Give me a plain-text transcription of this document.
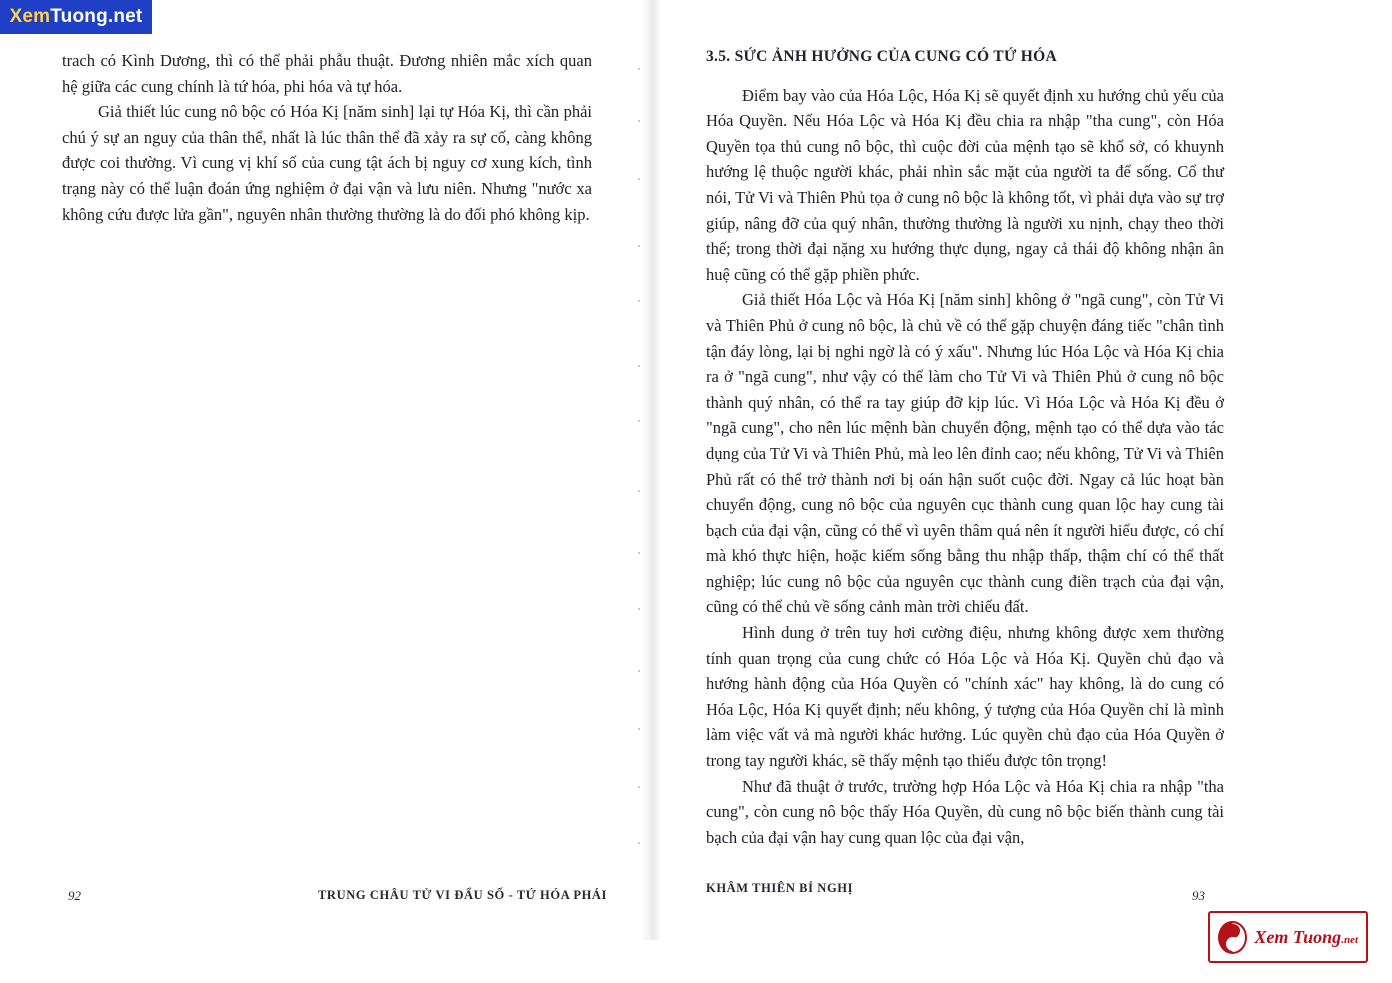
trach có Kình Dương, thì có thể phải phẫu thuật. Đương nhiên mắc xích quan hệ giữa các cung chính là tứ hóa, phi hóa và tự hóa.

Giả thiết lúc cung nô bộc có Hóa Kị [năm sinh] lại tự Hóa Kị, thì cần phải chú ý sự an nguy của thân thể, nhất là lúc thân thể đã xảy ra sự cố, càng không được coi thường. Vì cung vị khí số của cung tật ách bị nguy cơ xung kích, tình trạng này có thể luận đoán ứng nghiệm ở đại vận và lưu niên. Nhưng "nước xa không cứu được lửa gần", nguyên nhân thường thường là do đối phó không kịp.

3.5. SỨC ẢNH HƯỞNG CỦA CUNG CÓ TỨ HÓA

Điểm bay vào của Hóa Lộc, Hóa Kị sẽ quyết định xu hướng chủ yếu của Hóa Quyền. Nếu Hóa Lộc và Hóa Kị đều chia ra nhập "tha cung", còn Hóa Quyền tọa thủ cung nô bộc, thì cuộc đời của mệnh tạo sẽ khổ sở, có khuynh hướng lệ thuộc người khác, phải nhìn sắc mặt của người ta để sống. Cổ thư nói, Tử Vi và Thiên Phủ tọa ở cung nô bộc là không tốt, vì phải dựa vào sự trợ giúp, nâng đỡ của quý nhân, thường thường là người xu nịnh, chạy theo thời thế; trong thời đại nặng xu hướng thực dụng, ngay cả thái độ không nhận ân huệ cũng có thể gặp phiền phức.

Giả thiết Hóa Lộc và Hóa Kị [năm sinh] không ở "ngã cung", còn Tử Vi và Thiên Phủ ở cung nô bộc, là chủ về có thể gặp chuyện đáng tiếc "chân tình tận đáy lòng, lại bị nghi ngờ là có ý xấu". Nhưng lúc Hóa Lộc và Hóa Kị chia ra ở "ngã cung", như vậy có thể làm cho Tử Vi và Thiên Phủ ở cung nô bộc thành quý nhân, có thể ra tay giúp đỡ kịp lúc. Vì Hóa Lộc và Hóa Kị đều ở "ngã cung", cho nên lúc mệnh bàn chuyển động, mệnh tạo có thể dựa vào tác dụng của Tử Vi và Thiên Phủ, mà leo lên đỉnh cao; nếu không, Tử Vi và Thiên Phủ rất có thể trở thành nơi bị oán hận suốt cuộc đời. Ngay cả lúc hoạt bàn chuyển động, cung nô bộc của nguyên cục thành cung quan lộc hay cung tài bạch của đại vận, cũng có thể vì uyên thâm quá nên ít người hiểu được, có chí mà khó thực hiện, hoặc kiếm sống bằng thu nhập thấp, thậm chí có thể thất nghiệp; lúc cung nô bộc của nguyên cục thành cung điền trạch của đại vận, cũng có thể chủ về sống cảnh màn trời chiếu đất.

Hình dung ở trên tuy hơi cường điệu, nhưng không được xem thường tính quan trọng của cung chức có Hóa Lộc và Hóa Kị. Quyền chủ đạo và hướng hành động của Hóa Quyền có "chính xác" hay không, là do cung có Hóa Lộc, Hóa Kị quyết định; nếu không, ý tượng của Hóa Quyền chỉ là mình làm việc vất vả mà người khác hưởng. Lúc quyền chủ đạo của Hóa Quyền ở trong tay người khác, sẽ thấy mệnh tạo thiếu được tôn trọng!

Như đã thuật ở trước, trường hợp Hóa Lộc và Hóa Kị chia ra nhập "tha cung", còn cung nô bộc thấy Hóa Quyền, dù cung nô bộc biến thành cung tài bạch của đại vận hay cung quan lộc của đại vận,

92	TRUNG CHÂU TỬ VI ĐẨU SỐ - TỨ HÓA PHÁI	KHÂM THIÊN BỈ NGHỊ	93
XemTuong.net
Xem Tuong.net
